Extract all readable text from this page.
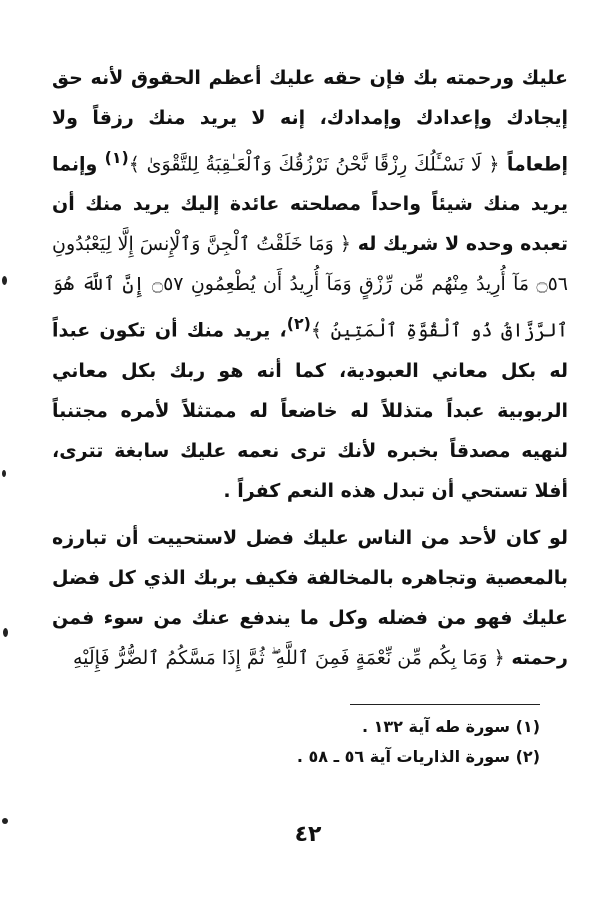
عليك ورحمته بك فإن حقه عليك أعظم الحقوق لأنه حق إيجادك وإعدادك وإمدادك، إنه لا يريد منك رزقاً ولا إطعاماً ﴿ لَا نَسْـَٔلُكَ رِزْقًا نَّحْنُ نَرْزُقُكَ وَٱلْعَـٰقِبَةُ لِلتَّقْوَىٰ ﴾$^{(١)}$ وإنما يريد منك شيئاً واحداً مصلحته عائدة إليك يريد منك أن تعبده وحده لا شريك له ﴿ وَمَا خَلَقْتُ ٱلْجِنَّ وَٱلْإِنسَ إِلَّا لِيَعْبُدُونِ ۝٥٦ مَآ أُرِيدُ مِنْهُم مِّن رِّزْقٍ وَمَآ أُرِيدُ أَن يُطْعِمُونِ ۝٥٧ إِنَّ ٱللَّهَ هُوَ ٱلرَّزَّاقُ ذُو ٱلْقُوَّةِ ٱلْمَتِينُ ﴾$^{(٢)}$، يريد منك أن تكون عبداً له بكل معاني العبودية، كما أنه هو ربك بكل معاني الربوبية عبداً متذللاً له خاضعاً له ممتثلاً لأمره مجتنباً لنهيه مصدقاً بخبره لأنك ترى نعمه عليك سابغة تترى، أفلا تستحي أن تبدل هذه النعم كفراً .
لو كان لأحد من الناس عليك فضل لاستحييت أن تبارزه بالمعصية وتجاهره بالمخالفة فكيف بربك الذي كل فضل عليك فهو من فضله وكل ما يندفع عنك من سوء فمن رحمته ﴿ وَمَا بِكُم مِّن نِّعْمَةٍ فَمِنَ ٱللَّهِ ۖ ثُمَّ إِذَا مَسَّكُمُ ٱلضُّرُّ فَإِلَيْهِ
(١) سورة طه آية ١٣٢ .
(٢) سورة الذاريات آية ٥٦ ـ ٥٨ .
٤٢
